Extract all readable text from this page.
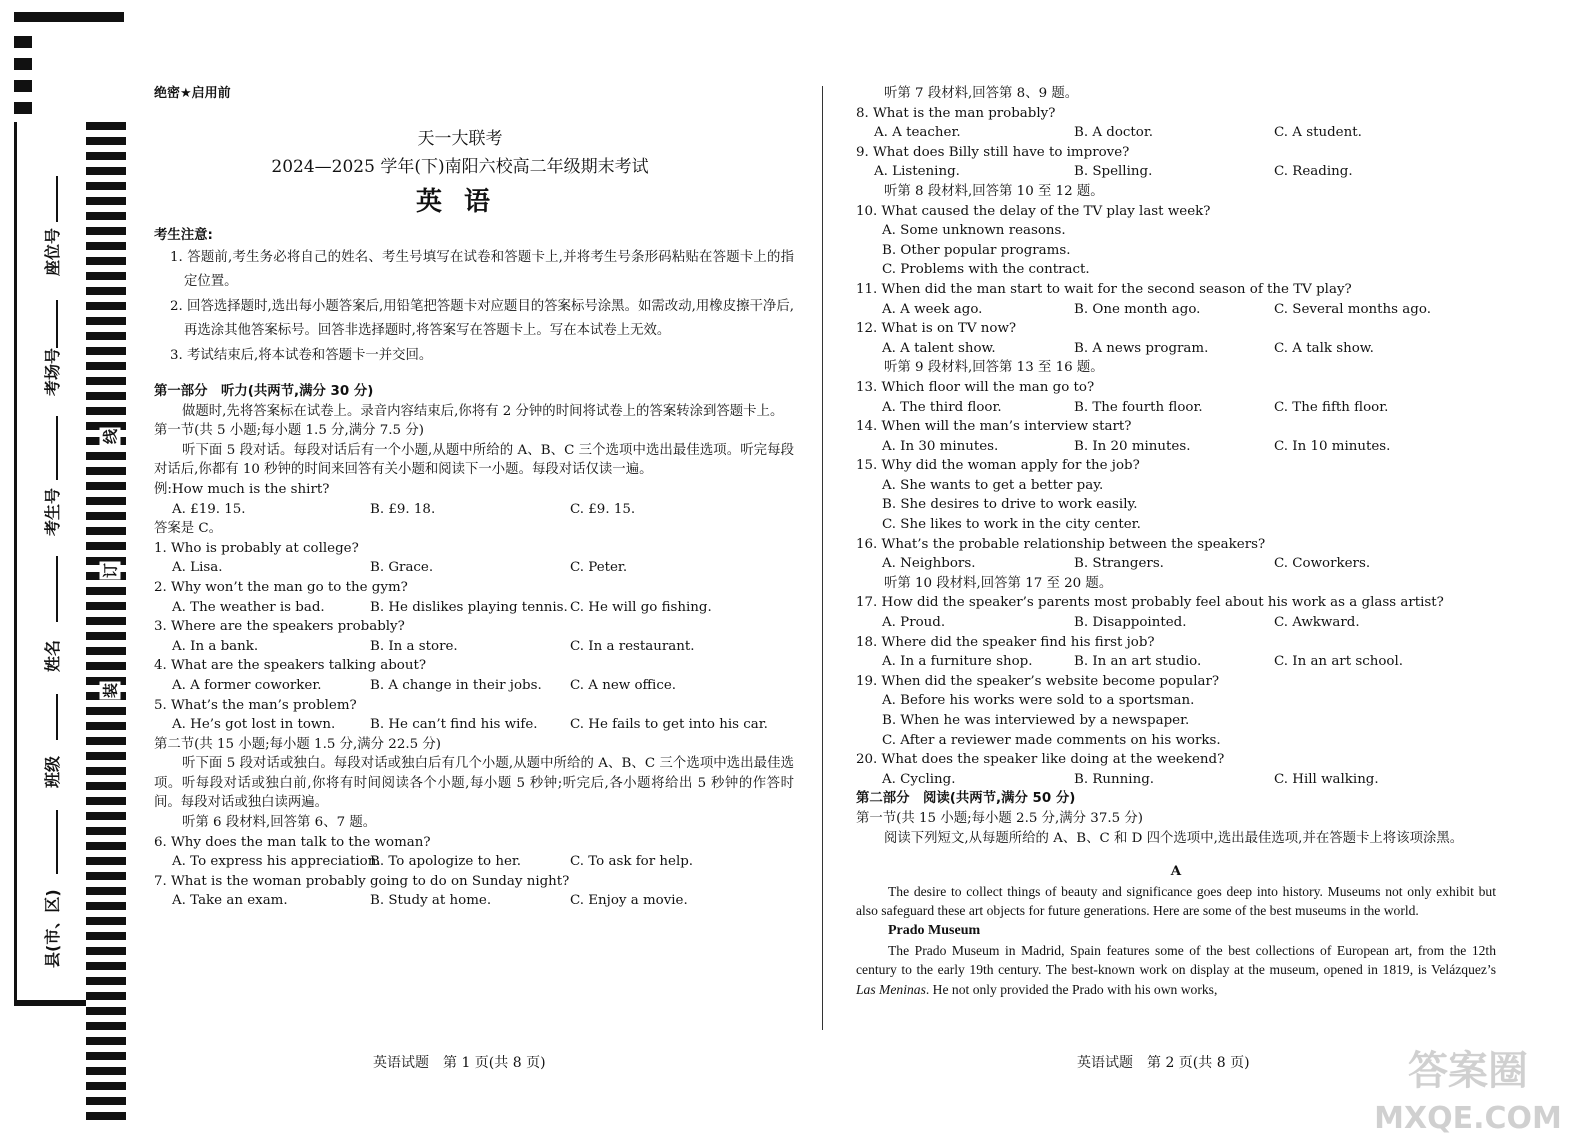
座位号
考场号
考生号
姓名
班级
县(市、区)
线
订
装
绝密★启用前
天一大联考
2024—2025 学年(下)南阳六校高二年级期末考试
英语
考生注意:
1. 答题前,考生务必将自己的姓名、考生号填写在试卷和答题卡上,并将考生号条形码粘贴在答题卡上的指定位置。
2. 回答选择题时,选出每小题答案后,用铅笔把答题卡对应题目的答案标号涂黑。如需改动,用橡皮擦干净后,再选涂其他答案标号。回答非选择题时,将答案写在答题卡上。写在本试卷上无效。
3. 考试结束后,将本试卷和答题卡一并交回。
第一部分　听力(共两节,满分 30 分)
做题时,先将答案标在试卷上。录音内容结束后,你将有 2 分钟的时间将试卷上的答案转涂到答题卡上。
第一节(共 5 小题;每小题 1.5 分,满分 7.5 分)
听下面 5 段对话。每段对话后有一个小题,从题中所给的 A、B、C 三个选项中选出最佳选项。听完每段对话后,你都有 10 秒钟的时间来回答有关小题和阅读下一小题。每段对话仅读一遍。
例:How much is the shirt?
A. £19. 15.	B. £9. 18.	C. £9. 15.
答案是 C。
1. Who is probably at college?
A. Lisa.	B. Grace.	C. Peter.
2. Why won’t the man go to the gym?
A. The weather is bad.	B. He dislikes playing tennis. C. He will go fishing.
3. Where are the speakers probably?
A. In a bank.	B. In a store.	C. In a restaurant.
4. What are the speakers talking about?
A. A former coworker.	B. A change in their jobs.	C. A new office.
5. What’s the man’s problem?
A. He’s got lost in town.	B. He can’t find his wife.	C. He fails to get into his car.
第二节(共 15 小题;每小题 1.5 分,满分 22.5 分)
听下面 5 段对话或独白。每段对话或独白后有几个小题,从题中所给的 A、B、C 三个选项中选出最佳选项。听每段对话或独白前,你将有时间阅读各个小题,每小题 5 秒钟;听完后,各小题将给出 5 秒钟的作答时间。每段对话或独白读两遍。
听第 6 段材料,回答第 6、7 题。
6. Why does the man talk to the woman?
A. To express his appreciation.
B. To apologize to her.	C. To ask for help.
7. What is the woman probably going to do on Sunday night?
A. Take an exam.	B. Study at home.	C. Enjoy a movie.
听第 7 段材料,回答第 8、9 题。
8. What is the man probably?
A. A teacher.	B. A doctor.	C. A student.
9. What does Billy still have to improve?
A. Listening.	B. Spelling.	C. Reading.
听第 8 段材料,回答第 10 至 12 题。
10. What caused the delay of the TV play last week?
A. Some unknown reasons.
B. Other popular programs.
C. Problems with the contract.
11. When did the man start to wait for the second season of the TV play?
A. A week ago.	B. One month ago.	C. Several months ago.
12. What is on TV now?
A. A talent show.	B. A news program.	C. A talk show.
听第 9 段材料,回答第 13 至 16 题。
13. Which floor will the man go to?
A. The third floor.	B. The fourth floor.	C. The fifth floor.
14. When will the man’s interview start?
A. In 30 minutes.	B. In 20 minutes.	C. In 10 minutes.
15. Why did the woman apply for the job?
A. She wants to get a better pay.
B. She desires to drive to work easily.
C. She likes to work in the city center.
16. What’s the probable relationship between the speakers?
A. Neighbors.	B. Strangers.	C. Coworkers.
听第 10 段材料,回答第 17 至 20 题。
17. How did the speaker’s parents most probably feel about his work as a glass artist?
A. Proud.	B. Disappointed.	C. Awkward.
18. Where did the speaker find his first job?
A. In a furniture shop.	B. In an art studio.	C. In an art school.
19. When did the speaker’s website become popular?
A. Before his works were sold to a sportsman.
B. When he was interviewed by a newspaper.
C. After a reviewer made comments on his works.
20. What does the speaker like doing at the weekend?
A. Cycling.	B. Running.	C. Hill walking.
第二部分　阅读(共两节,满分 50 分)
第一节(共 15 小题;每小题 2.5 分,满分 37.5 分)
阅读下列短文,从每题所给的 A、B、C 和 D 四个选项中,选出最佳选项,并在答题卡上将该项涂黑。
A
The desire to collect things of beauty and significance goes deep into history. Museums not only exhibit but also safeguard these art objects for future generations. Here are some of the best museums in the world.
Prado Museum
The Prado Museum in Madrid, Spain features some of the best collections of European art, from the 12th century to the early 19th century. The best-known work on display at the museum, opened in 1819, is Velázquez’s Las Meninas. He not only provided the Prado with his own works,
英语试题　第 1 页(共 8 页)	英语试题　第 2 页(共 8 页)	答案圈
MXQE.COM
